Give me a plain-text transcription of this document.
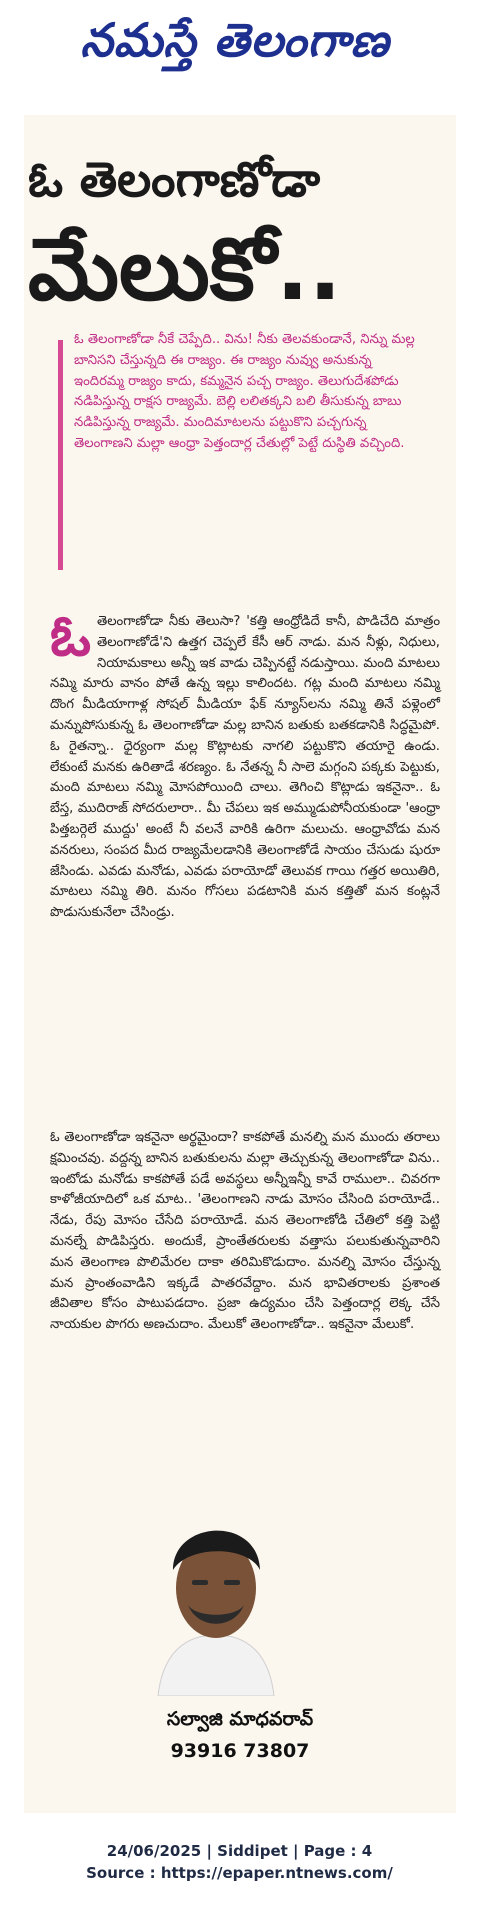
నమస్తే తెలంగాణ
ఓ తెలంగాణోడా
మేలుకో..
ఓ తెలంగాణోడా నీకే చెప్పేది.. విను! నీకు తెలవకుండానే, నిన్ను మల్ల బానిసని చేస్తున్నది ఈ రాజ్యం. ఈ రాజ్యం నువ్వు అనుకున్న ఇందిరమ్మ రాజ్యం కాదు, కమ్మనైన పచ్చ రాజ్యం. తెలుగుదేశపోడు నడిపిస్తున్న రాక్షస రాజ్యమే. బెల్లి లలితక్కని బలి తీసుకున్న బాబు నడిపిస్తున్న రాజ్యమే. మందిమాటలను పట్టుకొని పచ్చగున్న తెలంగాణని మల్లా ఆంధ్రా పెత్తందార్ల చేతుల్లో పెట్టే దుస్థితి వచ్చింది.
ఓ తెలంగాణోడా నీకు తెలుసా? 'కత్తి ఆంధ్రోడిదే కానీ, పొడిచేది మాత్రం తెలంగాణోడే'ని ఉత్తగ చెప్పలే కేసీ ఆర్ నాడు. మన నీళ్లు, నిధులు, నియామకాలు అన్నీ ఇక వాడు చెప్పినట్టే నడుస్తాయి. మంది మాటలు నమ్మి మారు వానం పోతే ఉన్న ఇల్లు కాలిందట. గట్ల మంది మాటలు నమ్మి దొంగ మీడియాగాళ్ల సోషల్ మీడియా ఫేక్ న్యూస్‌లను నమ్మి తినే పళ్లెంలో మన్నుపోసుకున్న ఓ తెలంగాణోడా మల్ల బానిన బతుకు బతకడానికి సిద్ధమైపో. ఓ రైతన్నా.. ధైర్యంగా మల్ల కొట్లాటకు నాగలి పట్టుకొని తయారై ఉండు. లేకుంటే మనకు ఉరితాడే శరణ్యం. ఓ నేతన్న నీ సాలె మగ్గంని పక్కకు పెట్టుకు, మంది మాటలు నమ్మి మోసపోయింది చాలు. తెగించి కొట్లాడు ఇకనైనా.. ఓ బేస్త, ముదిరాజ్ సోదరులారా.. మీ చేపలు ఇక అమ్ముడుపోనీయకుండా 'ఆంధ్రా పిత్తబర్గెలే ముద్దు' అంటే నీ వలనే వారికి ఉరిగా మలుచు. ఆంధ్రావోడు మన వనరులు, సంపద మీద రాజ్యమేలడానికి తెలంగాణోడే సాయం చేసుడు షురూ జేసిండు. ఎవడు మనోడు, ఎవడు పరాయోడో తెలువక గాయి గత్తర అయితిరి, మాటలు నమ్మి తిరి. మనం గోసలు పడటానికి మన కత్తితో మన కంట్లనే పొడుసుకునేలా చేసిండ్రు.
ఓ తెలంగాణోడా ఇకనైనా అర్థమైందా? కాకపోతే మనల్ని మన ముందు తరాలు క్షమించవు. వద్దన్న బానిన బతుకులను మల్లా తెచ్చుకున్న తెలంగాణోడా విను.. ఇంటోడు మనోడు కాకపోతే పడే అవస్థలు అన్నీఇన్నీ కావే రాములా.. చివరగా కాళోజీయాదిలో ఒక మాట.. 'తెలంగాణని నాడు మోసం చేసింది పరాయోడే.. నేడు, రేపు మోసం చేసేది పరాయోడే. మన తెలంగాణోడి చేతిలో కత్తి పెట్టి మనల్నే పొడిపిస్తరు. అందుకే, ప్రాంతేతరులకు వత్తాసు పలుకుతున్నవారిని మన తెలంగాణ పొలిమేరల దాకా తరిమికొడుదాం. మనల్ని మోసం చేస్తున్న మన ప్రాంతంవాడిని ఇక్కడే పాతరవేద్దాం. మన భావితరాలకు ప్రశాంత జీవితాల కోసం పాటుపడదాం. ప్రజా ఉద్యమం చేసి పెత్తందార్ల లెక్క చేసే నాయకుల పొగరు అణచుదాం. మేలుకో తెలంగాణోడా.. ఇకనైనా మేలుకో.
సల్వాజి మాధవరావ్
93916 73807
24/06/2025 | Siddipet | Page : 4
Source : https://epaper.ntnews.com/
